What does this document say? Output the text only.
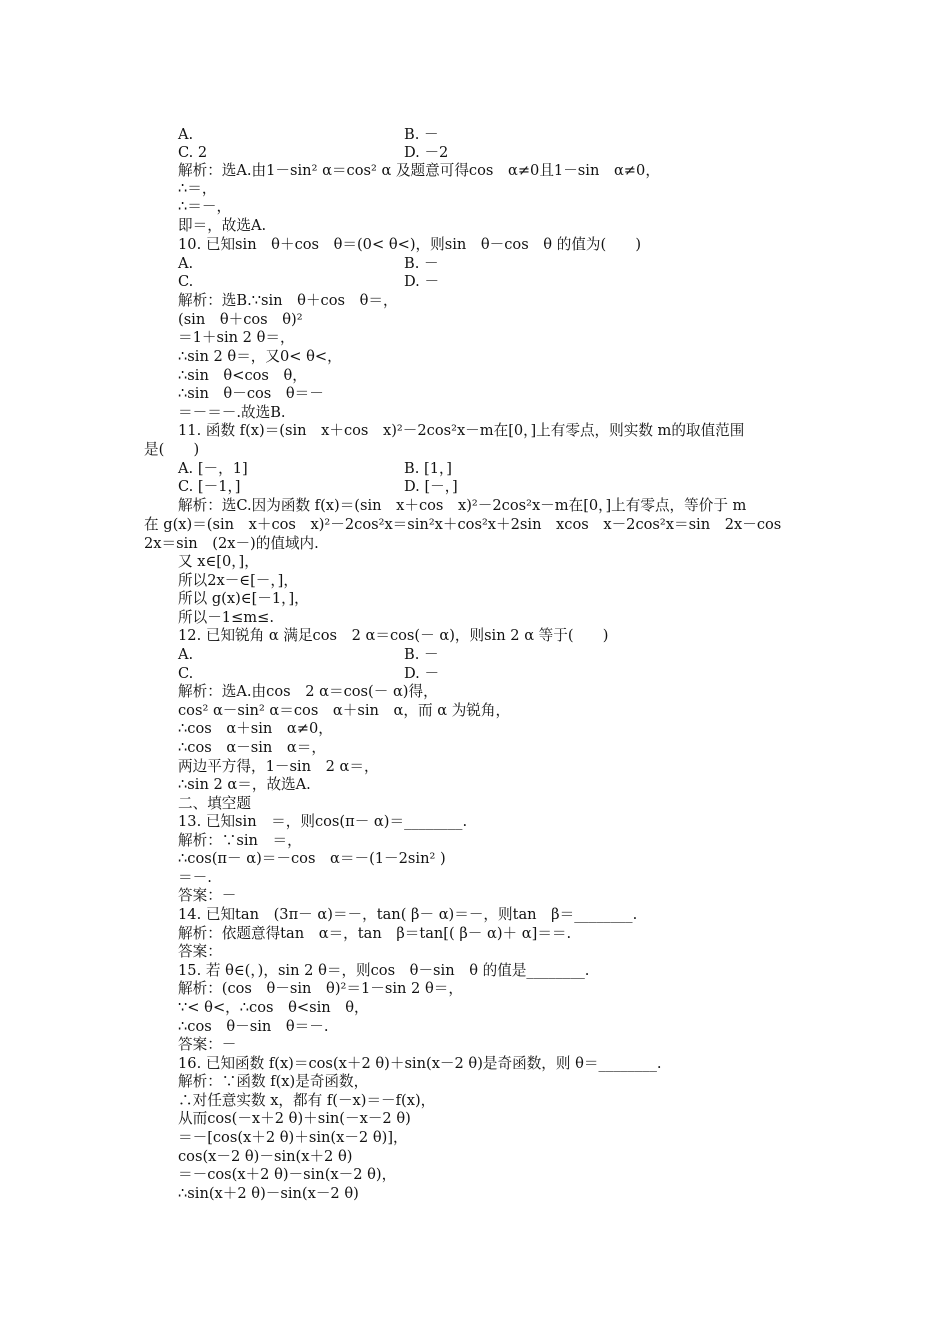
A.	B. －
C. 2	D. －2
解析：选A.由1－sin² α＝cos² α 及题意可得cos　α≠0且1－sin　α≠0，
∴＝，
∴＝－，
即＝，故选A.
10. 已知sin　θ＋cos　θ＝(0< θ<)，则sin　θ－cos　θ 的值为(　　)
A.	B. －
C.	D. －
解析：选B.∵sin　θ＋cos　θ＝，
(sin　θ＋cos　θ)²
＝1＋sin 2 θ＝，
∴sin 2 θ＝，又0< θ<，
∴sin　θ<cos　θ，
∴sin　θ－cos　θ＝－
＝－＝－.故选B.
11. 函数 f(x)＝(sin　x＋cos　x)²－2cos²x－m在[0，]上有零点，则实数 m的取值范围
是(　　)
A. [－，1]	B. [1，]
C. [－1，]	D. [－，]
解析：选C.因为函数 f(x)＝(sin　x＋cos　x)²－2cos²x－m在[0，]上有零点，等价于 m
在 g(x)＝(sin　x＋cos　x)²－2cos²x＝sin²x＋cos²x＋2sin　xcos　x－2cos²x＝sin　2x－cos
2x＝sin　(2x－)的值域内.
又 x∈[0，]，
所以2x－∈[－，]，
所以 g(x)∈[－1，]，
所以－1≤m≤.
12. 已知锐角 α 满足cos　2 α＝cos(－ α)，则sin 2 α 等于(　　)
A.	B. －
C.	D. －
解析：选A.由cos　2 α＝cos(－ α)得，
cos² α－sin² α＝cos　α＋sin　α，而 α 为锐角，
∴cos　α＋sin　α≠0，
∴cos　α－sin　α＝，
两边平方得，1－sin　2 α＝，
∴sin 2 α＝，故选A.
二、填空题
13. 已知sin　＝，则cos(π－ α)＝________.
解析：∵sin　＝，
∴cos(π－ α)＝－cos　α＝－(1－2sin² )
＝－.
答案：－
14. 已知tan　(3π－ α)＝－，tan( β－ α)＝－，则tan　β＝________.
解析：依题意得tan　α＝，tan　β＝tan[( β－ α)＋ α]＝＝.
答案：
15. 若 θ∈(，)，sin 2 θ＝，则cos　θ－sin　θ 的值是________.
解析：(cos　θ－sin　θ)²＝1－sin 2 θ＝，
∵< θ<，∴cos　θ<sin　θ，
∴cos　θ－sin　θ＝－.
答案：－
16. 已知函数 f(x)＝cos(x＋2 θ)＋sin(x－2 θ)是奇函数，则 θ＝________.
解析：∵函数 f(x)是奇函数，
∴对任意实数 x，都有 f(－x)＝－f(x)，
从而cos(－x＋2 θ)＋sin(－x－2 θ)
＝－[cos(x＋2 θ)＋sin(x－2 θ)]，
cos(x－2 θ)－sin(x＋2 θ)
＝－cos(x＋2 θ)－sin(x－2 θ)，
∴sin(x＋2 θ)－sin(x－2 θ)
